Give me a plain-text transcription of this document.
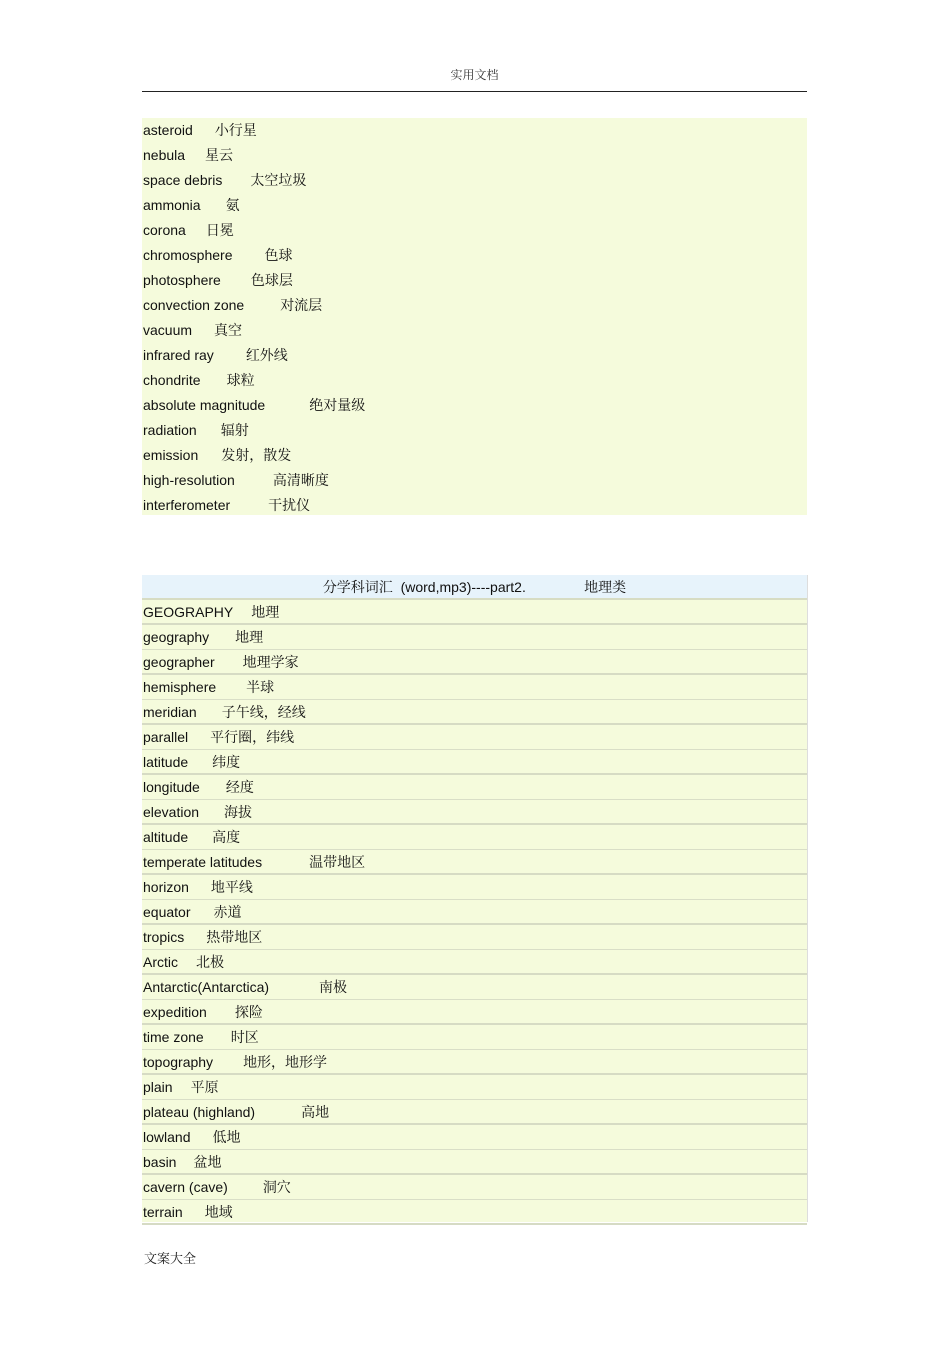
实用文档
asteroid 小行星
nebula 星云
space debris 太空垃圾
ammonia 氨
corona 日冕
chromosphere 色球
photosphere 色球层
convection zone	对流层
vacuum 真空
infrared ray 红外线
chondrite 球粒
absolute magnitude	绝对量级
radiation 辐射
emission 发射，散发
high-resolution	高清晰度
interferometer	干扰仪
分学科词汇  (word,mp3)----part2.               地理类
GEOGRAPHY 地理
geography 地理
geographer 地理学家
hemisphere 半球
meridian 子午线，经线
parallel 平行圈，纬线
latitude 纬度
longitude 经度
elevation 海拔
altitude 高度
temperate latitudes	温带地区
horizon 地平线
equator 赤道
tropics 热带地区
Arctic 北极
Antarctic(Antarctica)	南极
expedition 探险
time zone 时区
topography 地形，地形学
plain 平原
plateau (highland)	高地
lowland 低地
basin 盆地
cavern (cave)	洞穴
terrain 地域
文案大全
